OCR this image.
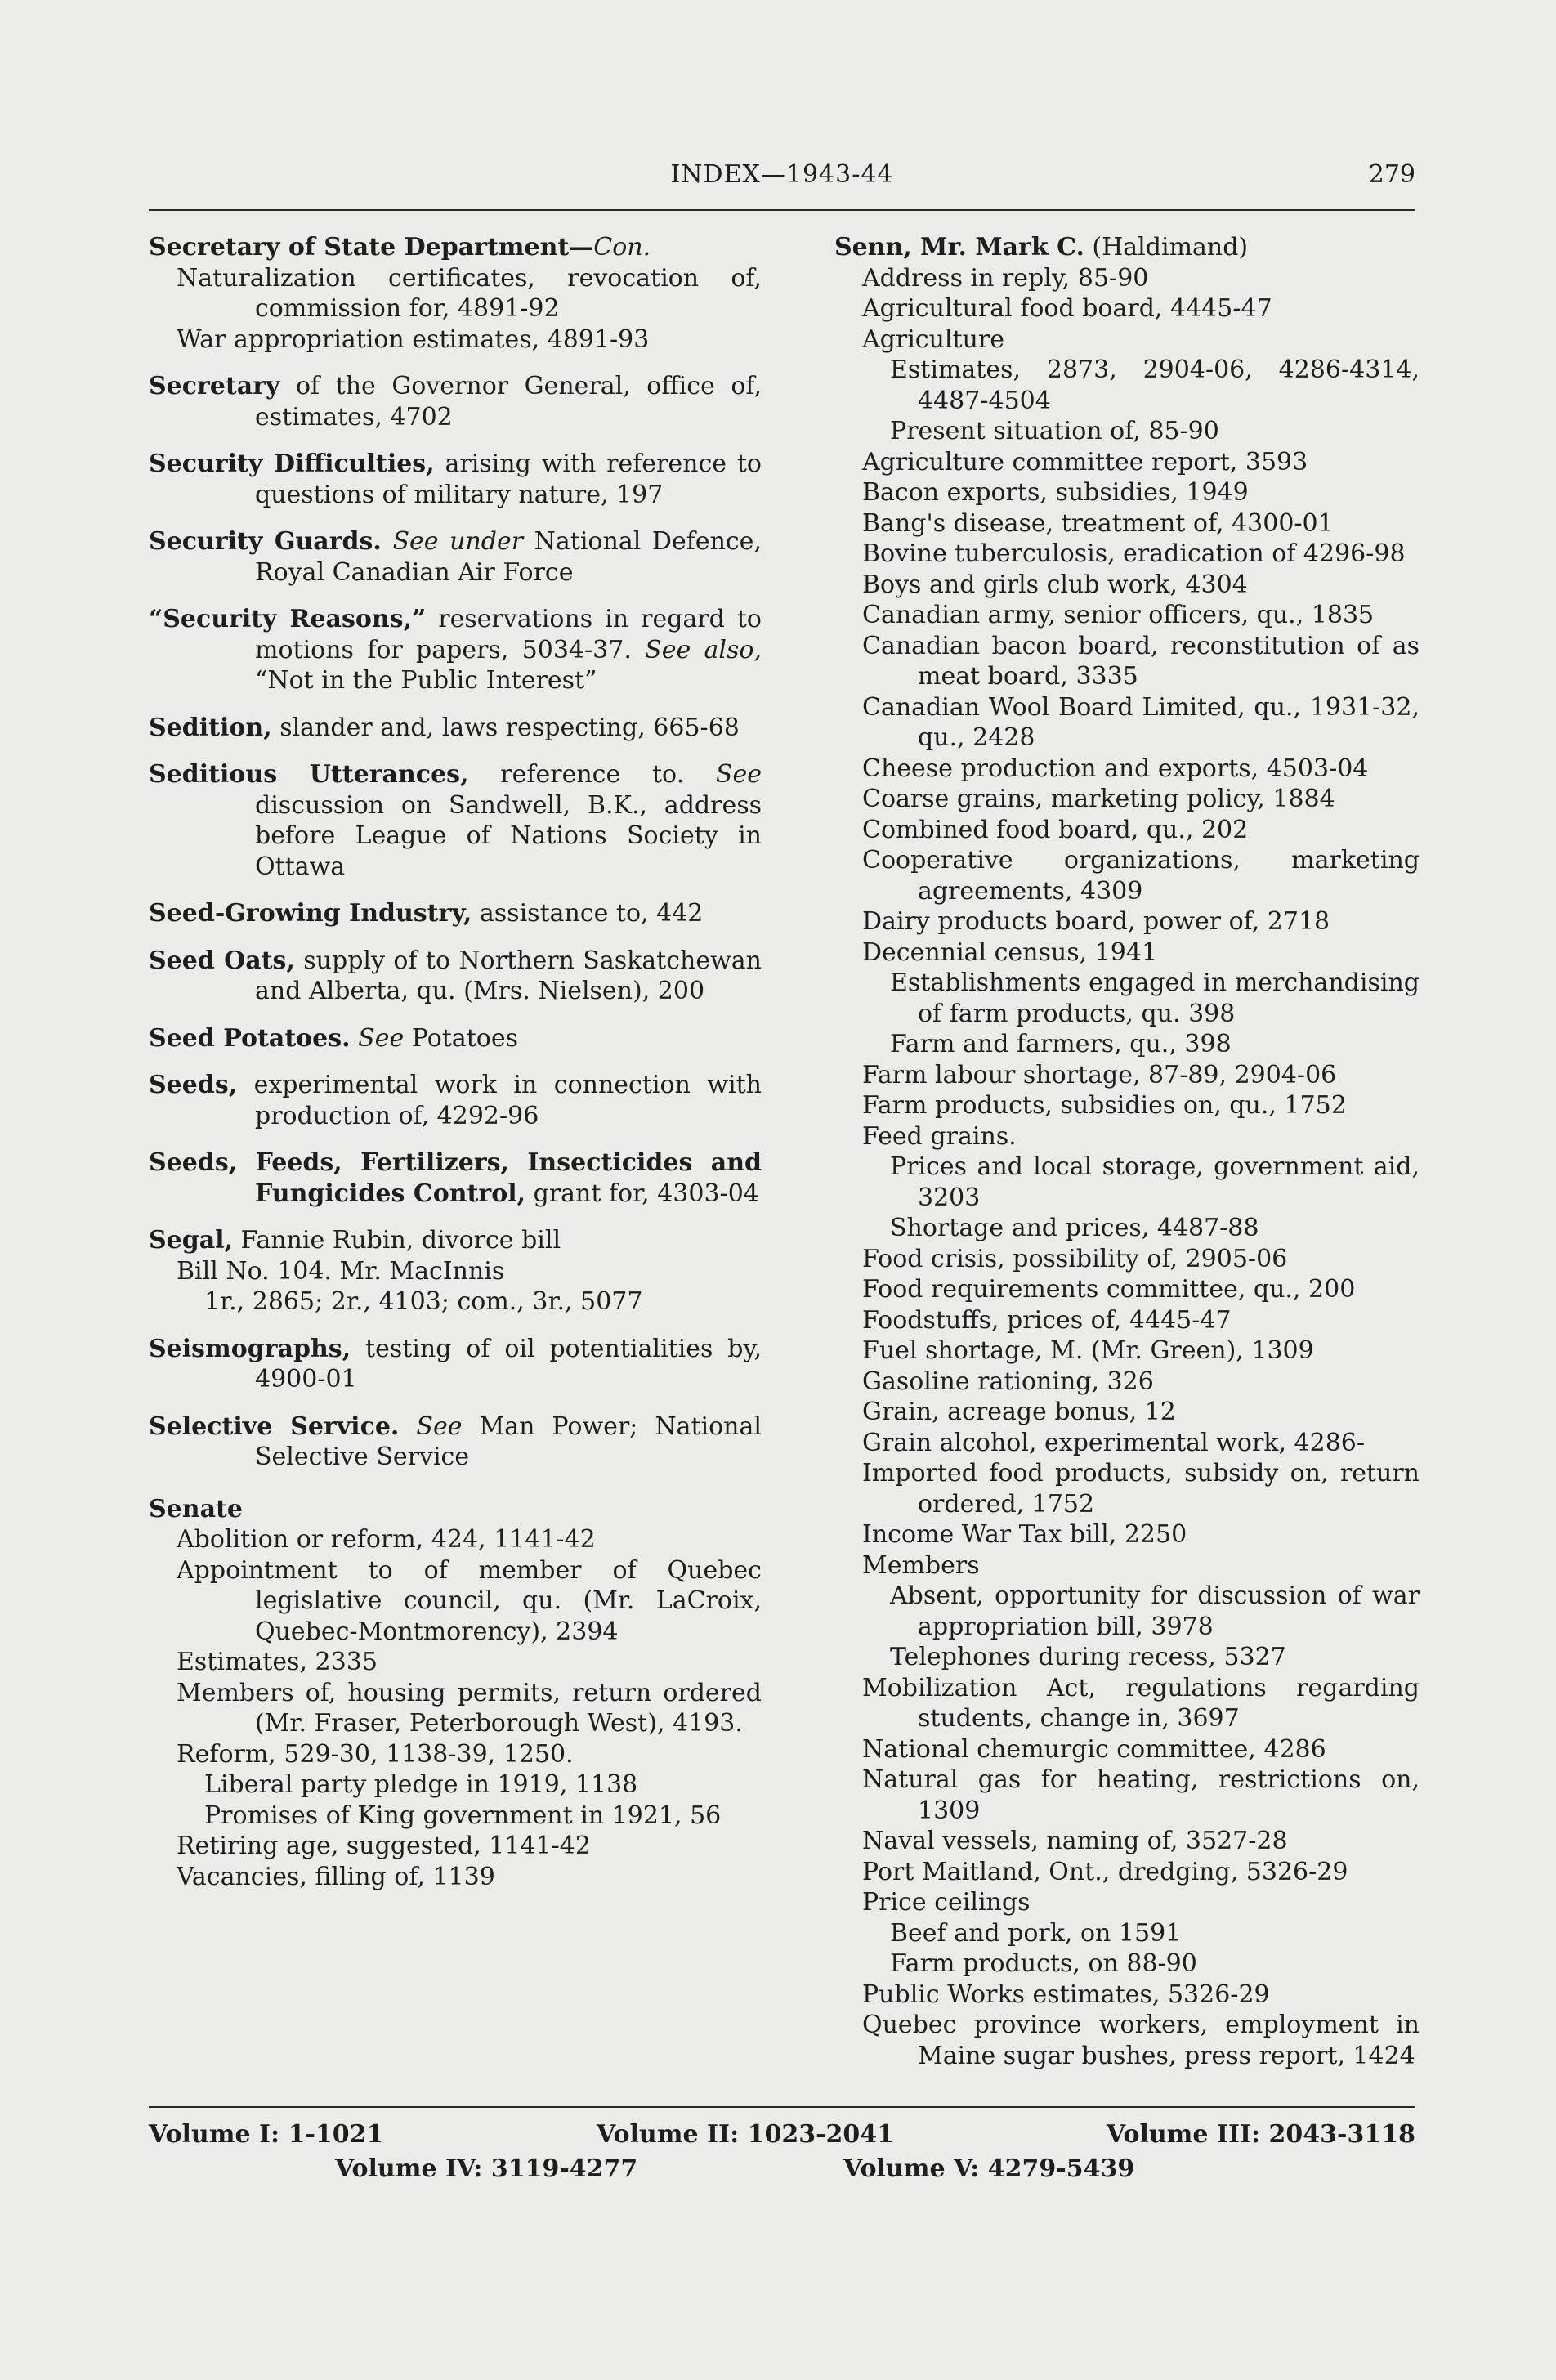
INDEX—1943-44	279
Secretary of State Department—Con.
Naturalization certificates, revocation of, commission for, 4891-92
War appropriation estimates, 4891-93
Secretary of the Governor General, office of, estimates, 4702
Security Difficulties, arising with reference to questions of military nature, 197
Security Guards. See under National Defence, Royal Canadian Air Force
“Security Reasons,” reservations in regard to motions for papers, 5034-37. See also, “Not in the Public Interest”
Sedition, slander and, laws respecting, 665-68
Seditious Utterances, reference to. See discussion on Sandwell, B.K., address before League of Nations Society in Ottawa
Seed-Growing Industry, assistance to, 442
Seed Oats, supply of to Northern Saskatchewan and Alberta, qu. (Mrs. Nielsen), 200
Seed Potatoes. See Potatoes
Seeds, experimental work in connection with production of, 4292-96
Seeds, Feeds, Fertilizers, Insecticides and Fungicides Control, grant for, 4303-04
Segal, Fannie Rubin, divorce bill
Bill No. 104. Mr. MacInnis
1r., 2865; 2r., 4103; com., 3r., 5077
Seismographs, testing of oil potentialities by, 4900-01
Selective Service. See Man Power; National Selective Service
Senate
Abolition or reform, 424, 1141-42
Appointment to of member of Quebec legislative council, qu. (Mr. LaCroix, Quebec-Montmorency), 2394
Estimates, 2335
Members of, housing permits, return ordered (Mr. Fraser, Peterborough West), 4193.
Reform, 529-30, 1138-39, 1250.
Liberal party pledge in 1919, 1138
Promises of King government in 1921, 56
Retiring age, suggested, 1141-42
Vacancies, filling of, 1139
Senn, Mr. Mark C. (Haldimand)
Address in reply, 85-90
Agricultural food board, 4445-47
Agriculture
Estimates, 2873, 2904-06, 4286-4314, 4487-4504
Present situation of, 85-90
Agriculture committee report, 3593
Bacon exports, subsidies, 1949
Bang's disease, treatment of, 4300-01
Bovine tuberculosis, eradication of 4296-98
Boys and girls club work, 4304
Canadian army, senior officers, qu., 1835
Canadian bacon board, reconstitution of as meat board, 3335
Canadian Wool Board Limited, qu., 1931-32, qu., 2428
Cheese production and exports, 4503-04
Coarse grains, marketing policy, 1884
Combined food board, qu., 202
Cooperative organizations, marketing agreements, 4309
Dairy products board, power of, 2718
Decennial census, 1941
Establishments engaged in merchandising of farm products, qu. 398
Farm and farmers, qu., 398
Farm labour shortage, 87-89, 2904-06
Farm products, subsidies on, qu., 1752
Feed grains.
Prices and local storage, government aid, 3203
Shortage and prices, 4487-88
Food crisis, possibility of, 2905-06
Food requirements committee, qu., 200
Foodstuffs, prices of, 4445-47
Fuel shortage, M. (Mr. Green), 1309
Gasoline rationing, 326
Grain, acreage bonus, 12
Grain alcohol, experimental work, 4286-
Imported food products, subsidy on, return ordered, 1752
Income War Tax bill, 2250
Members
Absent, opportunity for discussion of war appropriation bill, 3978
Telephones during recess, 5327
Mobilization Act, regulations regarding students, change in, 3697
National chemurgic committee, 4286
Natural gas for heating, restrictions on, 1309
Naval vessels, naming of, 3527-28
Port Maitland, Ont., dredging, 5326-29
Price ceilings
Beef and pork, on 1591
Farm products, on 88-90
Public Works estimates, 5326-29
Quebec province workers, employment in Maine sugar bushes, press report, 1424
Volume I: 1-1021	Volume II: 1023-2041	Volume III: 2043-3118
Volume IV: 3119-4277	Volume V: 4279-5439
